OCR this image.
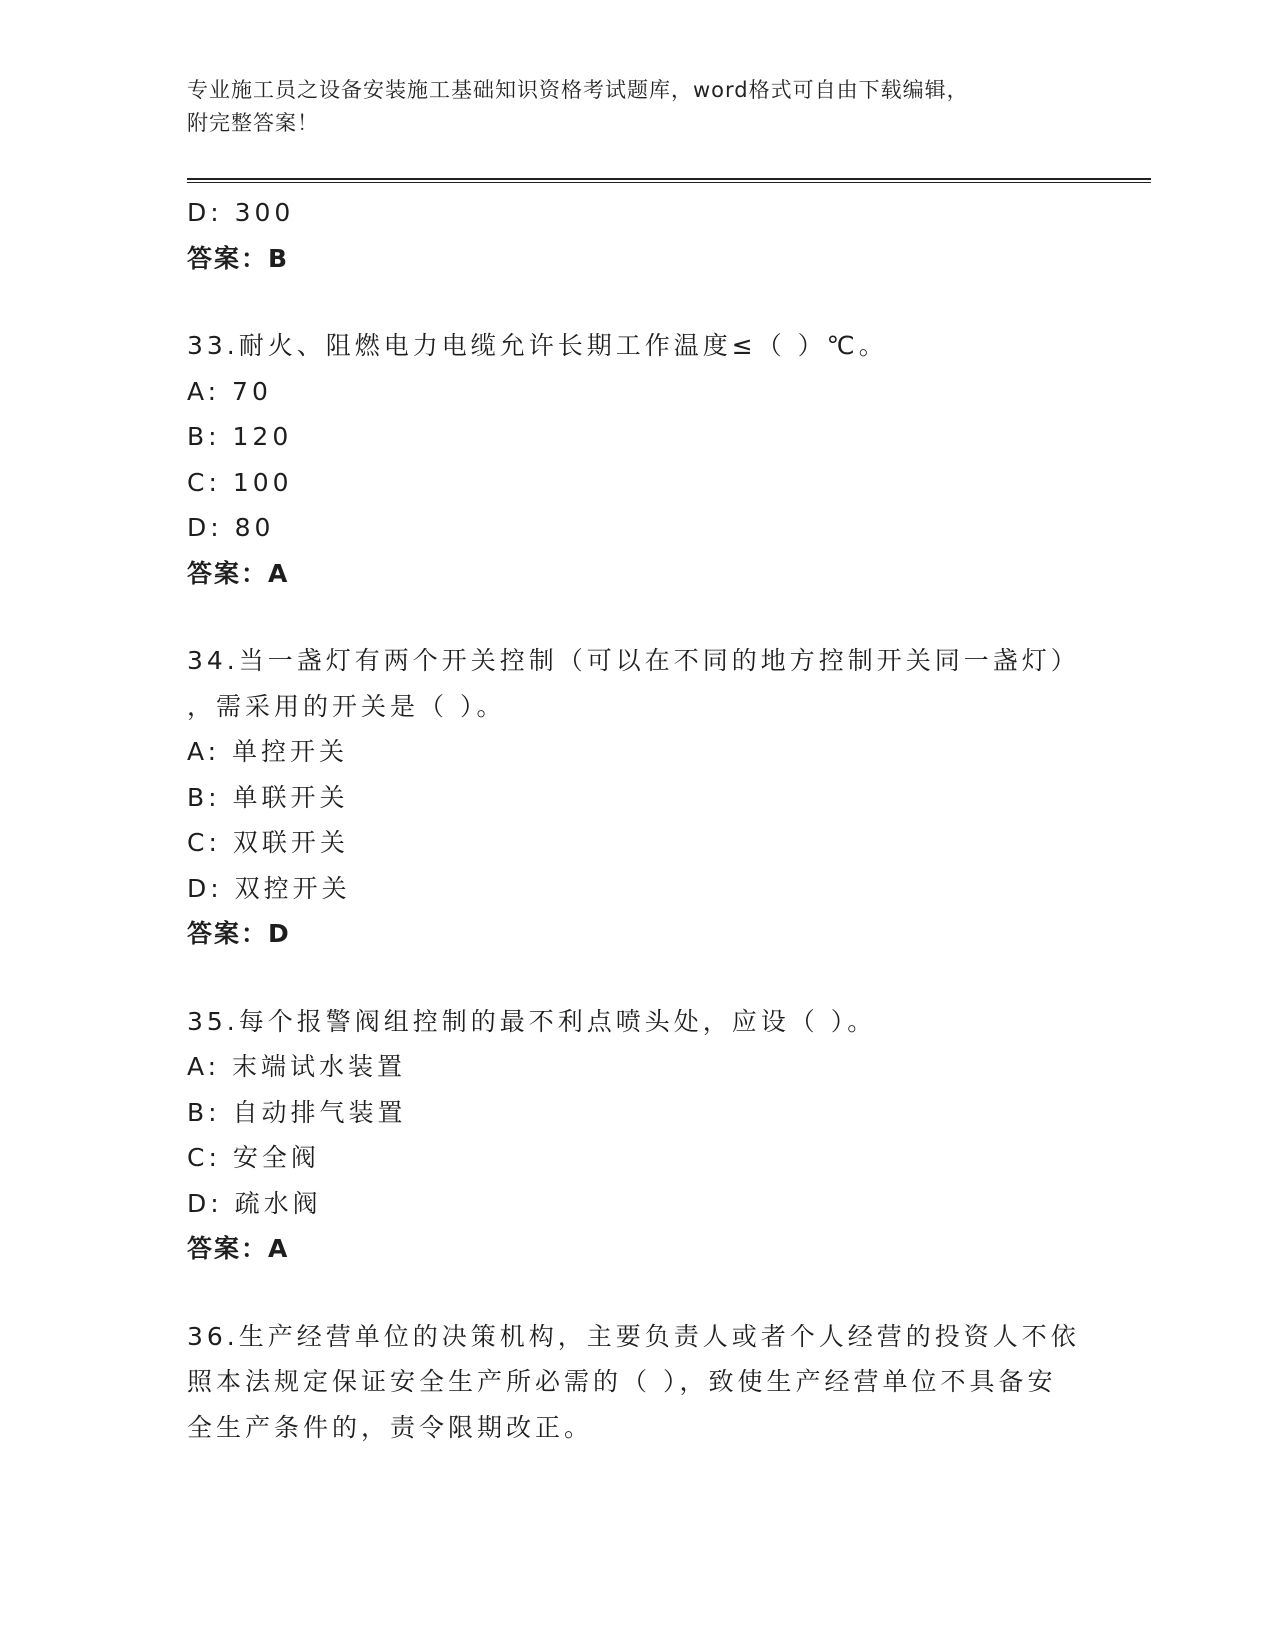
专业施工员之设备安装施工基础知识资格考试题库，word格式可自由下载编辑，
附完整答案！
D: 300
答案：B
33.耐火、阻燃电力电缆允许长期工作温度≤（ ）℃。
A: 70
B: 120
C: 100
D: 80
答案：A
34.当一盏灯有两个开关控制（可以在不同的地方控制开关同一盏灯）
，需采用的开关是（ ）。
A: 单控开关
B: 单联开关
C: 双联开关
D: 双控开关
答案：D
35.每个报警阀组控制的最不利点喷头处，应设（ ）。
A: 末端试水装置
B: 自动排气装置
C: 安全阀
D: 疏水阀
答案：A
36.生产经营单位的决策机构，主要负责人或者个人经营的投资人不依
照本法规定保证安全生产所必需的（ ），致使生产经营单位不具备安
全生产条件的，责令限期改正。
